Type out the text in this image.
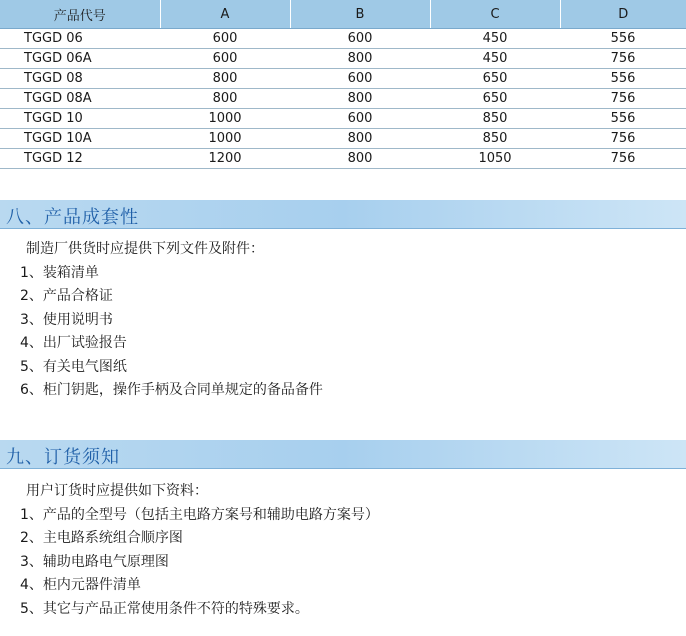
产品代号	A	B	C	D
TGGD 06	600	600	450	556
TGGD 06A	600	800	450	756
TGGD 08	800	600	650	556
TGGD 08A	800	800	650	756
TGGD 10	1000	600	850	556
TGGD 10A	1000	800	850	756
TGGD 12	1200	800	1050	756
八、产品成套性
制造厂供货时应提供下列文件及附件：
1、装箱清单
2、产品合格证
3、使用说明书
4、出厂试验报告
5、有关电气图纸
6、柜门钥匙，操作手柄及合同单规定的备品备件
九、订货须知
用户订货时应提供如下资料：
1、产品的全型号（包括主电路方案号和辅助电路方案号）
2、主电路系统组合顺序图
3、辅助电路电气原理图
4、柜内元器件清单
5、其它与产品正常使用条件不符的特殊要求。
